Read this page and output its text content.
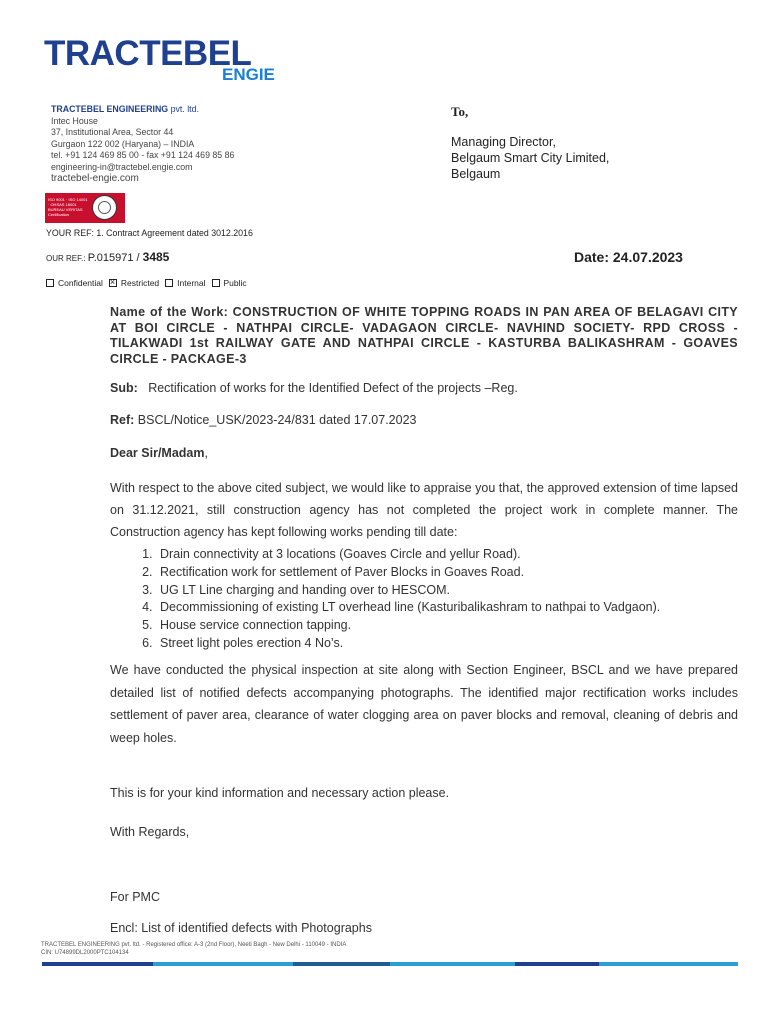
TRACTEBEL
ENGIE
TRACTEBEL ENGINEERING pvt. ltd.
Intec House
37, Institutional Area, Sector 44
Gurgaon 122 002 (Haryana) – INDIA
tel. +91 124 469 85 00 - fax +91 124 469 85 86
engineering-in@tractebel.engie.com
tractebel-engie.com
ISO 9001 · ISO 14001 · OHSAS 18001 BUREAU VERITAS Certification
To,
Managing Director,
Belgaum Smart City Limited,
Belgaum
YOUR REF: 1. Contract Agreement dated 3012.2016
OUR REF.: P.015971 / 3485	Date: 24.07.2023
Confidential
× Restricted Internal Public
Name of the Work: CONSTRUCTION OF WHITE TOPPING ROADS IN PAN AREA OF BELAGAVI CITY AT BOI CIRCLE - NATHPAI CIRCLE- VADAGAON CIRCLE- NAVHIND SOCIETY- RPD CROSS - TILAKWADI 1st RAILWAY GATE AND NATHPAI CIRCLE - KASTURBA BALIKASHRAM - GOAVES CIRCLE - PACKAGE-3
Sub: Rectification of works for the Identified Defect of the projects –Reg.
Ref: BSCL/Notice_USK/2023-24/831 dated 17.07.2023
Dear Sir/Madam,
With respect to the above cited subject, we would like to appraise you that, the approved extension of time lapsed on 31.12.2021, still construction agency has not completed the project work in complete manner. The Construction agency has kept following works pending till date:
1. Drain connectivity at 3 locations (Goaves Circle and yellur Road).
2. Rectification work for settlement of Paver Blocks in Goaves Road.
3. UG LT Line charging and handing over to HESCOM.
4. Decommissioning of existing LT overhead line (Kasturibalikashram to nathpai to Vadgaon).
5. House service connection tapping.
6. Street light poles erection 4 No’s.
We have conducted the physical inspection at site along with Section Engineer, BSCL and we have prepared detailed list of notified defects accompanying photographs. The identified major rectification works includes settlement of paver area, clearance of water clogging area on paver blocks and removal, cleaning of debris and weep holes.
This is for your kind information and necessary action please.
With Regards,
For PMC
Encl: List of identified defects with Photographs
TRACTEBEL ENGINEERING pvt. ltd. - Registered office: A-3 (2nd Floor), Neeti Bagh - New Delhi - 110049 - INDIA
CIN: U74899DL2000PTC104134
